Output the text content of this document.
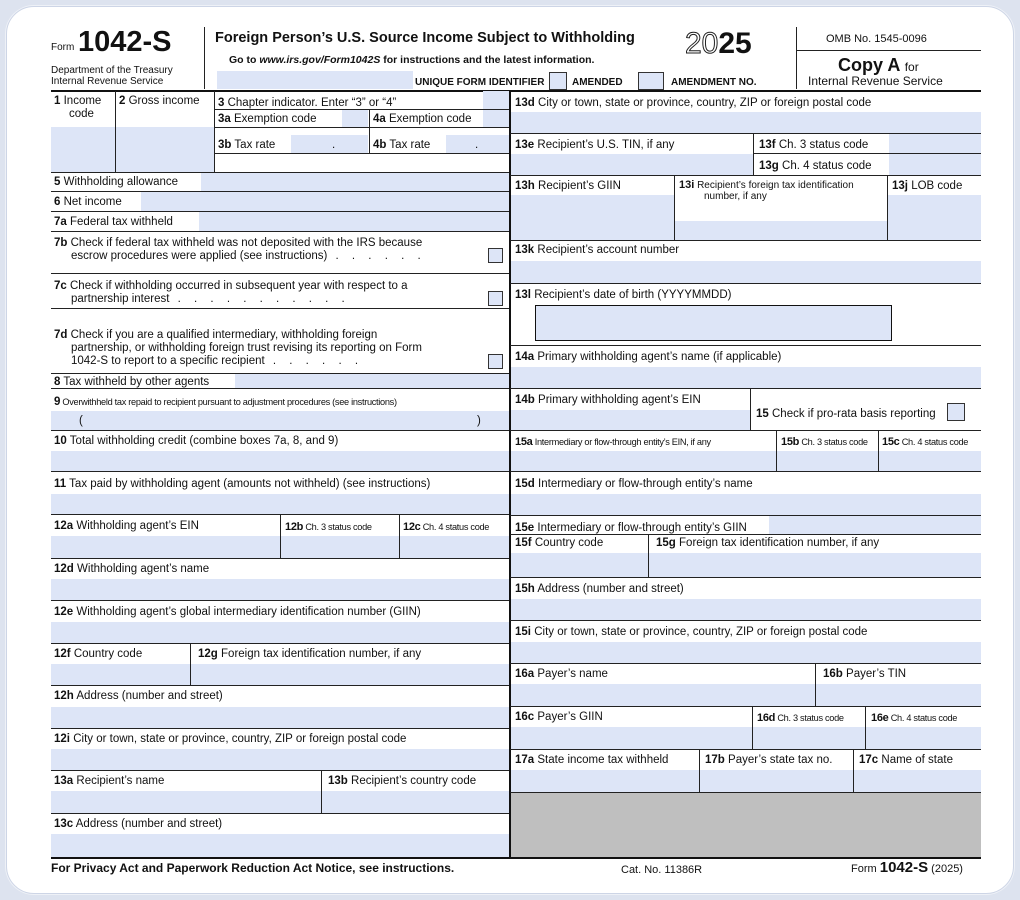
Form 1042-S
Department of the Treasury
Internal Revenue Service
Foreign Person’s U.S. Source Income Subject to Withholding
Go to www.irs.gov/Form1042S for instructions and the latest information.	2025	OMB No. 1545-0096
Copy A for
Internal Revenue Service
UNIQUE FORM IDENTIFIER	AMENDED	AMENDMENT NO.
1 Income
code
2 Gross income 3 Chapter indicator. Enter “3” or “4”
3a Exemption code	4a Exemption code
3b Tax rate	.	4b Tax rate	.
5 Withholding allowance
6 Net income
7a Federal tax withheld
7b Check if federal tax withheld was not deposited with the IRS because
escrow procedures were applied (see instructions) . . . . . .
7c Check if withholding occurred in subsequent year with respect to a
partnership interest . . . . . . . . . . .
7d Check if you are a qualified intermediary, withholding foreign
partnership, or withholding foreign trust revising its reporting on Form
1042-S to report to a specific recipient . . . . . .
8 Tax withheld by other agents
9 Overwithheld tax repaid to recipient pursuant to adjustment procedures (see instructions)
(	)
10 Total withholding credit (combine boxes 7a, 8, and 9)
11 Tax paid by withholding agent (amounts not withheld) (see instructions)
12a Withholding agent’s EIN	12b Ch. 3 status code	12c Ch. 4 status code
12d Withholding agent’s name
12e Withholding agent’s global intermediary identification number (GIIN)
12f Country code	12g Foreign tax identification number, if any
12h Address (number and street)
12i City or town, state or province, country, ZIP or foreign postal code
13a Recipient’s name	13b Recipient’s country code
13c Address (number and street)
13d City or town, state or province, country, ZIP or foreign postal code
13e Recipient’s U.S. TIN, if any	13f Ch. 3 status code
13g Ch. 4 status code
13h Recipient’s GIIN	13i Recipient’s foreign tax identification
number, if any
13j LOB code
13k Recipient’s account number
13l Recipient’s date of birth (YYYYMMDD)
14a Primary withholding agent’s name (if applicable)
14b Primary withholding agent’s EIN
15 Check if pro-rata basis reporting
15a Intermediary or flow-through entity’s EIN, if any	15b Ch. 3 status code 15c Ch. 4 status code
15d Intermediary or flow-through entity’s name
15e Intermediary or flow-through entity’s GIIN
15f Country code	15g Foreign tax identification number, if any
15h Address (number and street)
15i City or town, state or province, country, ZIP or foreign postal code
16a Payer’s name	16b Payer’s TIN
16c Payer’s GIIN	16d Ch. 3 status code 16e Ch. 4 status code
17a State income tax withheld	17b Payer’s state tax no. 17c Name of state
For Privacy Act and Paperwork Reduction Act Notice, see instructions.	Cat. No. 11386R	Form 1042-S (2025)
